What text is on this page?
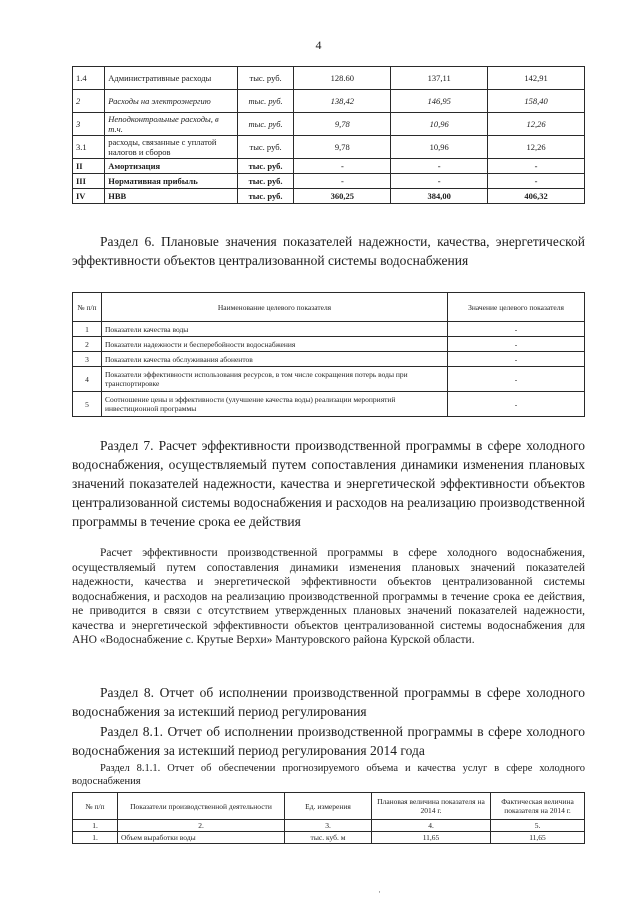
4
1.4	Административные расходы	тыс. руб.	128.60	137,11	142,91
2	Расходы на электроэнергию	тыс. руб.	138,42	146,95	158,40
3	Неподконтрольные расходы, в т.ч.	тыс. руб.	9,78	10,96	12,26
3.1	расходы, связанные с уплатой налогов и сборов	тыс. руб.	9,78	10,96	12,26
II	Амортизация	тыс. руб.	-	-	-
III	Нормативная прибыль	тыс. руб.	-	-	-
IV	НВВ	тыс. руб.	360,25	384,00	406,32
Раздел 6. Плановые значения показателей надежности, качества, энергетической эффективности объектов централизованной системы водоснабжения
№ п/п	Наименование целевого показателя	Значение целевого показателя
1	Показатели качества воды	-
2	Показатели надежности и бесперебойности водоснабжения	-
3	Показатели качества обслуживания абонентов	-
4	Показатели эффективности использования ресурсов, в том числе сокращения потерь воды при транспортировке	-
5	Соотношение цены и эффективности (улучшение качества воды) реализации мероприятий инвестиционной программы	-
Раздел 7. Расчет эффективности производственной программы в сфере холодного водоснабжения, осуществляемый путем сопоставления динамики изменения плановых значений показателей надежности, качества и энергетической эффективности объектов централизованной системы водоснабжения и расходов на реализацию производственной программы в течение срока ее действия
Расчет эффективности производственной программы в сфере холодного водоснабжения, осуществляемый путем сопоставления динамики изменения плановых значений показателей надежности, качества и энергетической эффективности объектов централизованной системы водоснабжения, и расходов на реализацию производственной программы в течение срока ее действия, не приводится в связи с отсутствием утвержденных плановых значений показателей надежности, качества и энергетической эффективности объектов централизованной системы водоснабжения для АНО «Водоснабжение с. Крутые Верхи» Мантуровского района Курской области.
Раздел 8. Отчет об исполнении производственной программы в сфере холодного водоснабжения за истекший период регулирования
Раздел 8.1. Отчет об исполнении производственной программы в сфере холодного водоснабжения за истекший период регулирования 2014 года
Раздел 8.1.1. Отчет об обеспечении прогнозируемого объема и качества услуг в сфере холодного водоснабжения
№ п/п	Показатели производственной деятельности	Ед. измерения	Плановая величина показателя на 2014 г.	Фактическая величина показателя на 2014 г.
1.	2.	3.	4.	5.
1.	Объем выработки воды	тыс. куб. м	11,65	11,65
·
